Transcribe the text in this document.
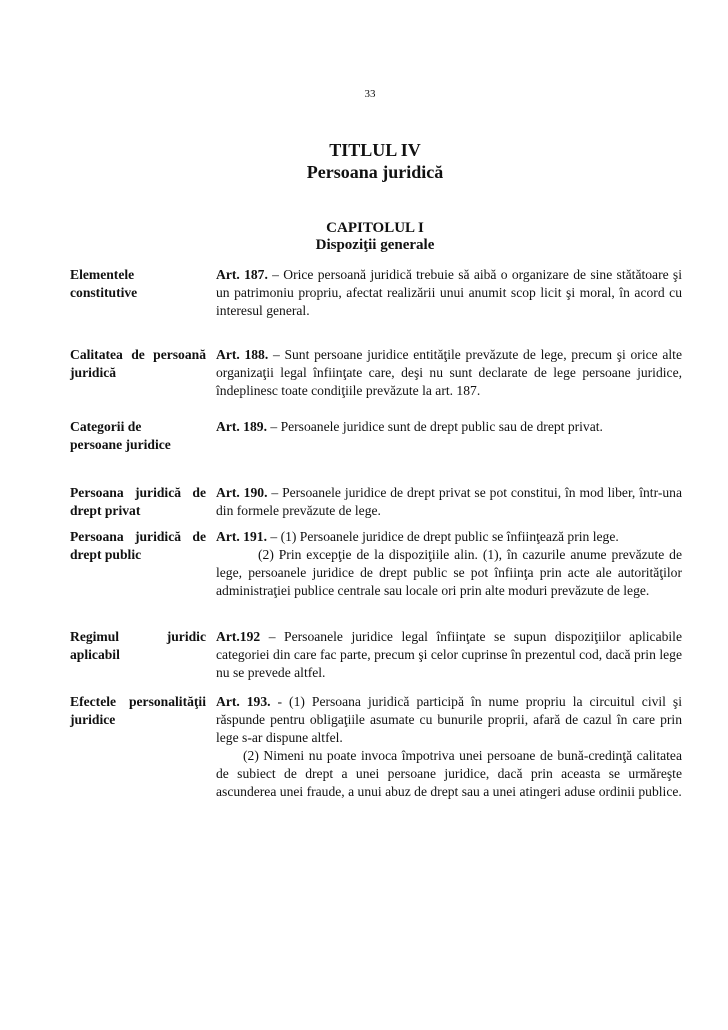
33
TITLUL IV
Persoana juridică
CAPITOLUL I
Dispoziţii generale
Elementele
constitutive

Art. 187. – Orice persoană juridică trebuie să aibă o organizare de sine stătătoare şi un patrimoniu propriu, afectat realizării unui anumit scop licit şi moral, în acord cu interesul general.

Calitatea de persoană
juridică

Art. 188. – Sunt persoane juridice entităţile prevăzute de lege, precum şi orice alte organizaţii legal înfiinţate care, deşi nu sunt declarate de lege persoane juridice, îndeplinesc toate condiţiile prevăzute la art. 187.

Categorii de
persoane juridice

Art. 189. – Persoanele juridice sunt de drept public sau de drept privat.

Persoana juridică de
drept privat

Art. 190. – Persoanele juridice de drept privat se pot constitui, în mod liber, într-una din formele prevăzute de lege.

Persoana juridică de
drept public

Art. 191. – (1) Persoanele juridice de drept public se înfiinţează prin lege.

(2) Prin excepţie de la dispoziţiile alin. (1), în cazurile anume prevăzute de lege, persoanele juridice de drept public se pot înfiinţa prin acte ale autorităţilor administraţiei publice centrale sau locale ori prin alte moduri prevăzute de lege.

Regimul juridic
aplicabil

Art.192 – Persoanele juridice legal înfiinţate se supun dispoziţiilor aplicabile categoriei din care fac parte, precum şi celor cuprinse în prezentul cod, dacă prin lege nu se prevede altfel.

Efectele personalităţii
juridice

Art. 193. - (1) Persoana juridică participă în nume propriu la circuitul civil şi răspunde pentru obligaţiile asumate cu bunurile proprii, afară de cazul în care prin lege s-ar dispune altfel.

(2) Nimeni nu poate invoca împotriva unei persoane de bună-credinţă calitatea de subiect de drept a unei persoane juridice, dacă prin aceasta se urmăreşte ascunderea unei fraude, a unui abuz de drept sau a unei atingeri aduse ordinii publice.
